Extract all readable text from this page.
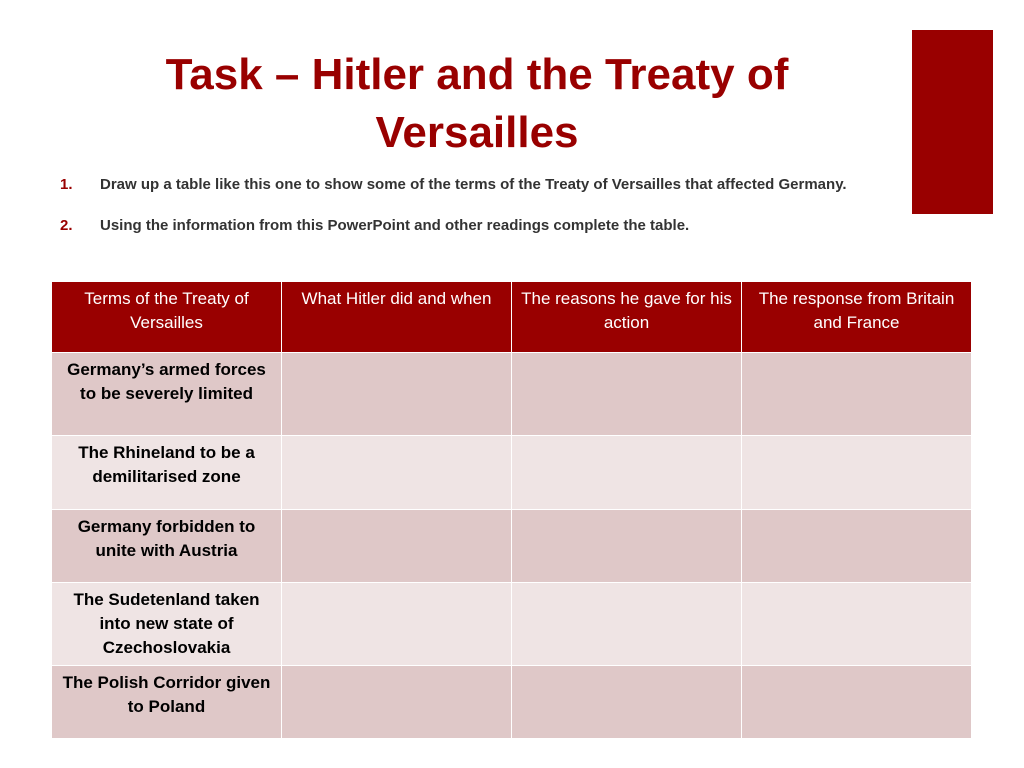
Task – Hitler and the Treaty of Versailles
1.	Draw up a table like this one to show some of the terms of the Treaty of Versailles that affected Germany.
2.	Using the information from this PowerPoint and other readings complete the table.
Terms of the Treaty of Versailles	What Hitler did and when	The reasons he gave for his action	The response from Britain and France
Germany’s armed forces to be severely limited			
The Rhineland to be a demilitarised zone			
Germany forbidden to unite with Austria			
The Sudetenland taken into new state of Czechoslovakia			
The Polish Corridor given to Poland			
